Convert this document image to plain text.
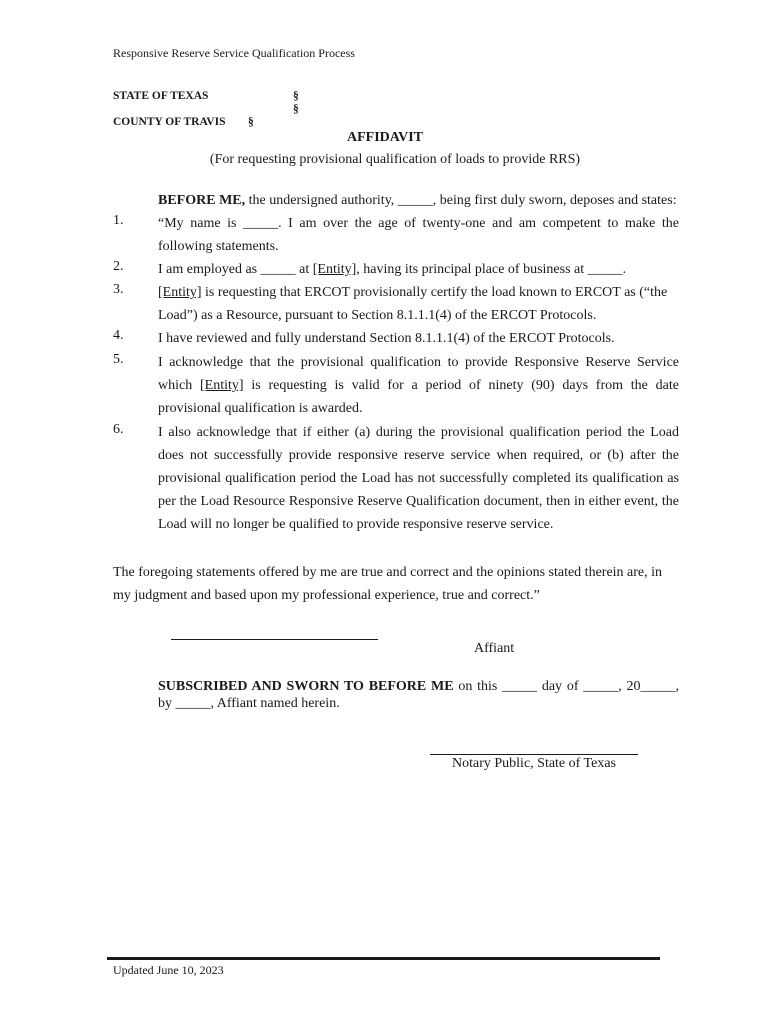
Responsive Reserve Service Qualification Process
STATE OF TEXAS	§
§
COUNTY OF TRAVIS §
AFFIDAVIT
(For requesting provisional qualification of loads to provide RRS)
BEFORE ME, the undersigned authority, _____, being first duly sworn, deposes and states:
1. “My name is _____. I am over the age of twenty-one and am competent to make the following statements.
2. I am employed as _____ at [Entity], having its principal place of business at _____.
3. [Entity] is requesting that ERCOT provisionally certify the load known to ERCOT as (“the Load”) as a Resource, pursuant to Section 8.1.1.1(4) of the ERCOT Protocols.
4. I have reviewed and fully understand Section 8.1.1.1(4) of the ERCOT Protocols.
5. I acknowledge that the provisional qualification to provide Responsive Reserve Service which [Entity] is requesting is valid for a period of ninety (90) days from the date provisional qualification is awarded.
6. I also acknowledge that if either (a) during the provisional qualification period the Load does not successfully provide responsive reserve service when required, or (b) after the provisional qualification period the Load has not successfully completed its qualification as per the Load Resource Responsive Reserve Qualification document, then in either event, the Load will no longer be qualified to provide responsive reserve service.
The foregoing statements offered by me are true and correct and the opinions stated therein are, in my judgment and based upon my professional experience, true and correct.”
Affiant
SUBSCRIBED AND SWORN TO BEFORE ME on this _____ day of _____, 20_____, by _____, Affiant named herein.
Notary Public, State of Texas
Updated June 10, 2023
